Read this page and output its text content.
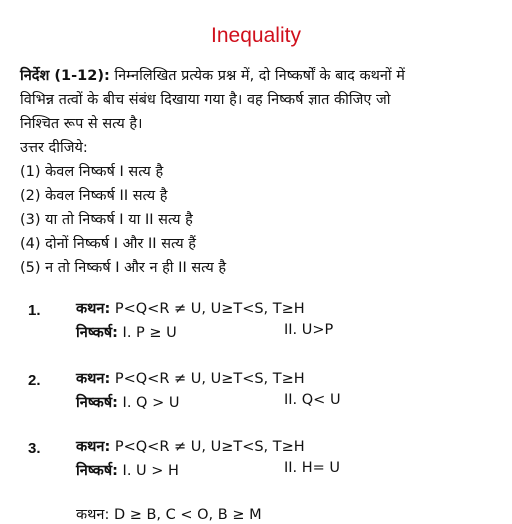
Inequality
निर्देश (1-12): निम्नलिखित प्रत्येक प्रश्न में, दो निष्कर्षों के बाद कथनों में
विभिन्न तत्वों के बीच संबंध दिखाया गया है। वह निष्कर्ष ज्ञात कीजिए जो
निश्चित रूप से सत्य है।
उत्तर दीजिये:
(1) केवल निष्कर्ष I सत्य है
(2) केवल निष्कर्ष II सत्य है
(3) या तो निष्कर्ष I या II सत्य है
(4) दोनों निष्कर्ष I और II सत्य हैं
(5) न तो निष्कर्ष I और न ही II सत्य है
1. कथन: P<Q<R ≠ U, U≥T<S, T≥H
निष्कर्ष: I. P ≥ U	II. U>P
2. कथन: P<Q<R ≠ U, U≥T<S, T≥H
निष्कर्ष: I. Q > U	II. Q< U
3. कथन: P<Q<R ≠ U, U≥T<S, T≥H
निष्कर्ष: I. U > H	II. H= U
कथन: D ≥ B, C < O, B ≥ M
